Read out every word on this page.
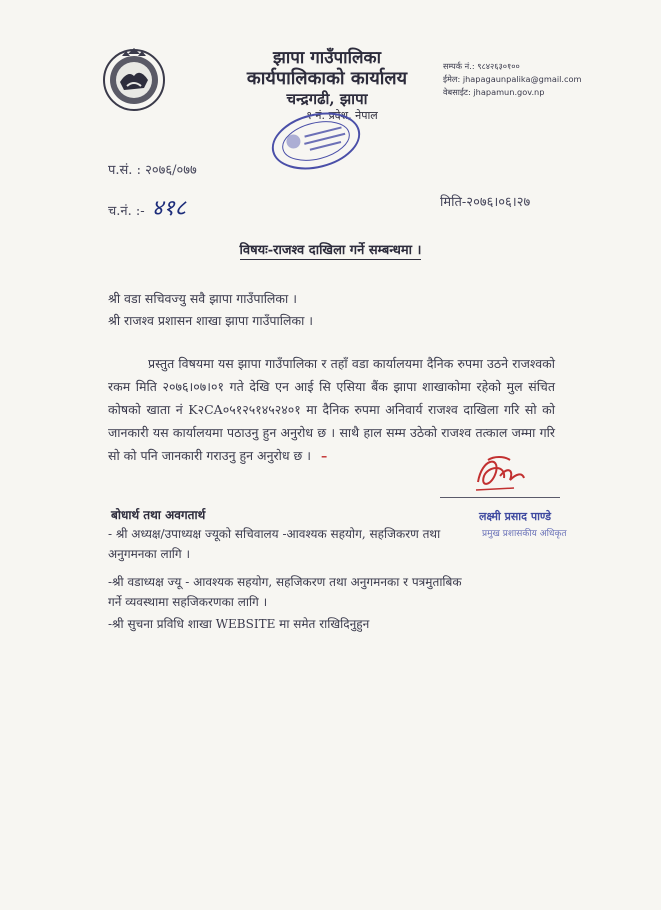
झापा गाउँपालिका
कार्यपालिकाको कार्यालय
चन्द्रगढी, झापा
१ नं. प्रदेश, नेपाल
सम्पर्क नं.: ९८४२६३०१००
ईमेल: jhapagaunpalika@gmail.com
वेबसाईट: jhapamun.gov.np
प.सं. : २०७६/०७७
च.नं. :- ४१८	मिति-२०७६।०६।२७
विषयः-राजश्व दाखिला गर्ने सम्बन्धमा ।
श्री वडा सचिवज्यु सवै झापा गाउँपालिका ।
श्री राजश्व प्रशासन शाखा झापा गाउँपालिका ।
प्रस्तुत विषयमा यस झापा गाउँपालिका र तहाँ वडा कार्यालयमा दैनिक रुपमा उठने राजश्वको रकम मिति २०७६।०७।०१ गते देखि एन आई सि एसिया बैंक झापा शाखाकोमा रहेको मुल संचित कोषको खाता नं K२CA०५१२५१४५२४०१ मा दैनिक रुपमा अनिवार्य राजश्व दाखिला गरि सो को जानकारी यस कार्यालयमा पठाउनु हुन अनुरोध छ । साथै हाल सम्म उठेको राजश्व तत्काल जम्मा गरि सो को पनि जानकारी गराउनु हुन अनुरोध छ । –
लक्ष्मी प्रसाद पाण्डे
प्रमुख प्रशासकीय अधिकृत
बोधार्थ तथा अवगतार्थ
- श्री अध्यक्ष/उपाध्यक्ष ज्यूको सचिवालय -आवश्यक सहयोग, सहजिकरण तथा
अनुगमनका लागि ।
-श्री वडाध्यक्ष ज्यू - आवश्यक सहयोग, सहजिकरण तथा अनुगमनका र पत्रमुताबिक
गर्ने व्यवस्थामा सहजिकरणका लागि ।
-श्री सुचना प्रविधि शाखा WEBSITE मा समेत राखिदिनुहुन
